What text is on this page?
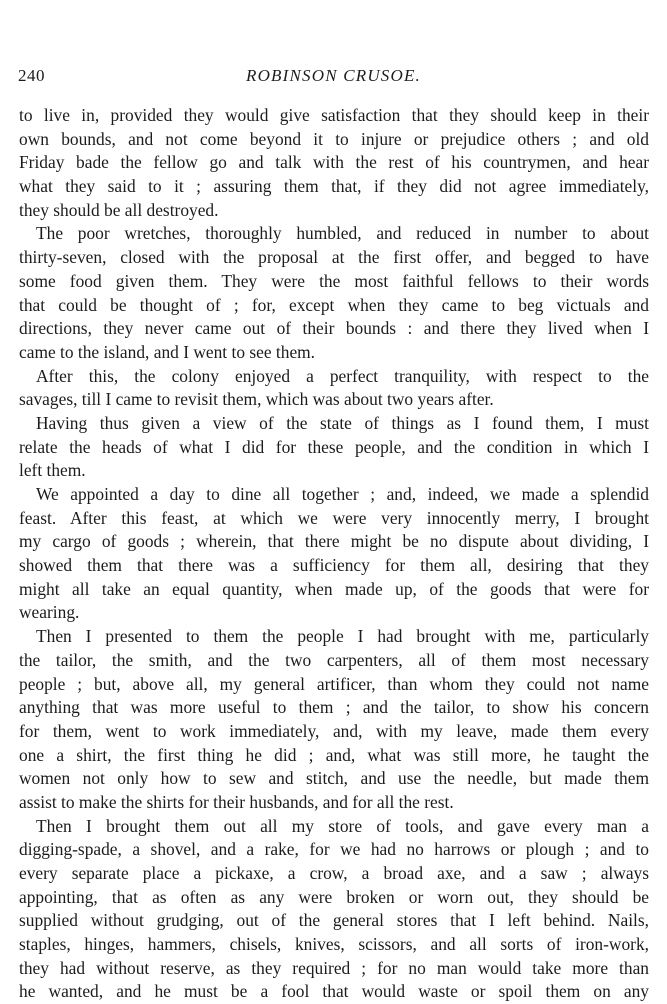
240	ROBINSON CRUSOE.
to live in, provided they would give satisfaction that they should keep in their
own bounds, and not come beyond it to injure or prejudice others ; and old
Friday bade the fellow go and talk with the rest of his countrymen, and hear
what they said to it ; assuring them that, if they did not agree immediately,
they should be all destroyed.
The poor wretches, thoroughly humbled, and reduced in number to about
thirty-seven, closed with the proposal at the first offer, and begged to have
some food given them. They were the most faithful fellows to their words
that could be thought of ; for, except when they came to beg victuals and
directions, they never came out of their bounds : and there they lived when I
came to the island, and I went to see them.
After this, the colony enjoyed a perfect tranquility, with respect to the
savages, till I came to revisit them, which was about two years after.
Having thus given a view of the state of things as I found them, I must
relate the heads of what I did for these people, and the condition in which I
left them.
We appointed a day to dine all together ; and, indeed, we made a splendid
feast. After this feast, at which we were very innocently merry, I brought
my cargo of goods ; wherein, that there might be no dispute about dividing, I
showed them that there was a sufficiency for them all, desiring that they
might all take an equal quantity, when made up, of the goods that were for
wearing.
Then I presented to them the people I had brought with me, particularly
the tailor, the smith, and the two carpenters, all of them most necessary
people ; but, above all, my general artificer, than whom they could not name
anything that was more useful to them ; and the tailor, to show his concern
for them, went to work immediately, and, with my leave, made them every
one a shirt, the first thing he did ; and, what was still more, he taught the
women not only how to sew and stitch, and use the needle, but made them
assist to make the shirts for their husbands, and for all the rest.
Then I brought them out all my store of tools, and gave every man a
digging-spade, a shovel, and a rake, for we had no harrows or plough ; and to
every separate place a pickaxe, a crow, a broad axe, and a saw ; always
appointing, that as often as any were broken or worn out, they should be
supplied without grudging, out of the general stores that I left behind. Nails,
staples, hinges, hammers, chisels, knives, scissors, and all sorts of iron-work,
they had without reserve, as they required ; for no man would take more than
he wanted, and he must be a fool that would waste or spoil them on any
